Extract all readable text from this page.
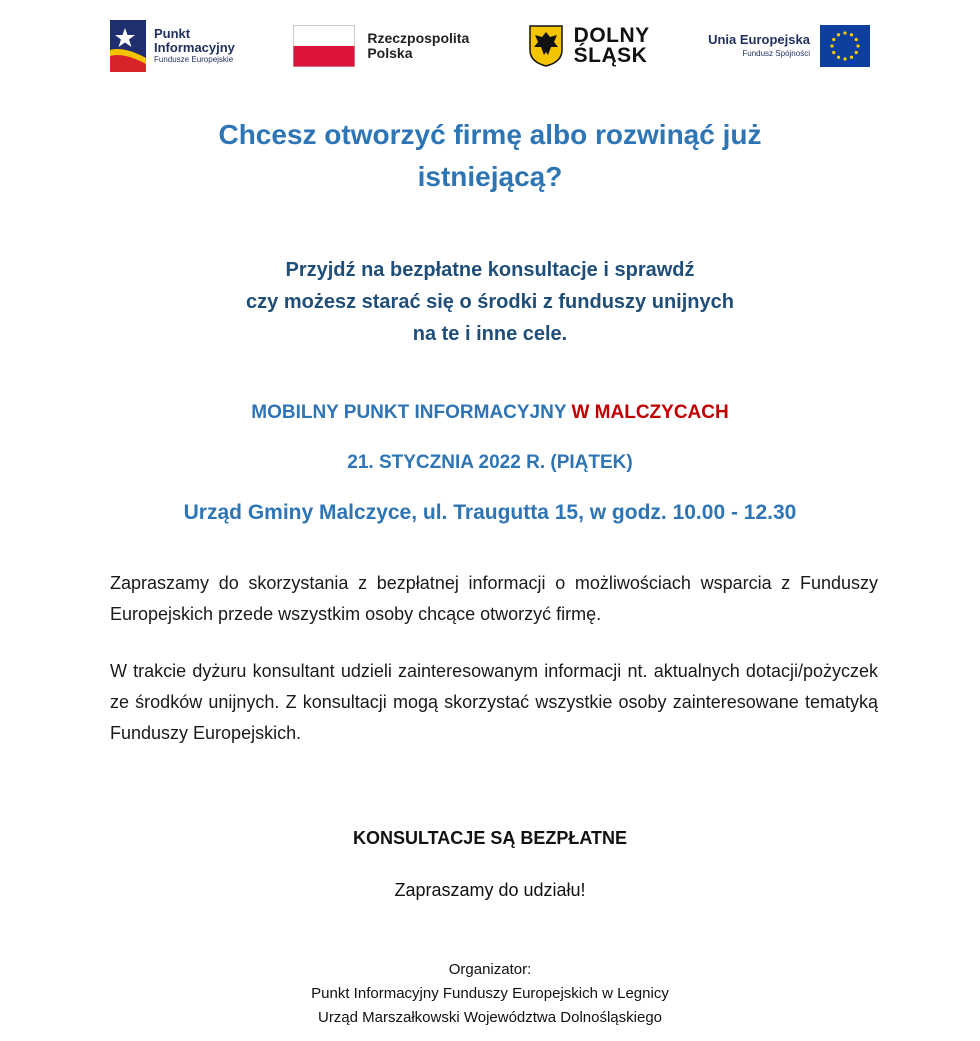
Punkt
Informacyjny
Fundusze Europejskie
Rzeczpospolita
Polska
DOLNY
ŚLĄSK
Unia Europejska
Fundusz Spójności
Chcesz otworzyć firmę albo rozwinąć już
istniejącą?
Przyjdź na bezpłatne konsultacje i sprawdź
czy możesz starać się o środki z funduszy unijnych
na te i inne cele.
MOBILNY PUNKT INFORMACYJNY W MALCZYCACH
21. STYCZNIA 2022 R. (PIĄTEK)
Urząd Gminy Malczyce, ul. Traugutta 15, w godz. 10.00 - 12.30
Zapraszamy do skorzystania z bezpłatnej informacji o możliwościach wsparcia z Funduszy Europejskich przede wszystkim osoby chcące otworzyć firmę.
W trakcie dyżuru konsultant udzieli zainteresowanym informacji nt. aktualnych dotacji/pożyczek ze środków unijnych. Z konsultacji mogą skorzystać wszystkie osoby zainteresowane tematyką Funduszy Europejskich.
KONSULTACJE SĄ BEZPŁATNE
Zapraszamy do udziału!
Organizator:
Punkt Informacyjny Funduszy Europejskich w Legnicy
Urząd Marszałkowski Województwa Dolnośląskiego
